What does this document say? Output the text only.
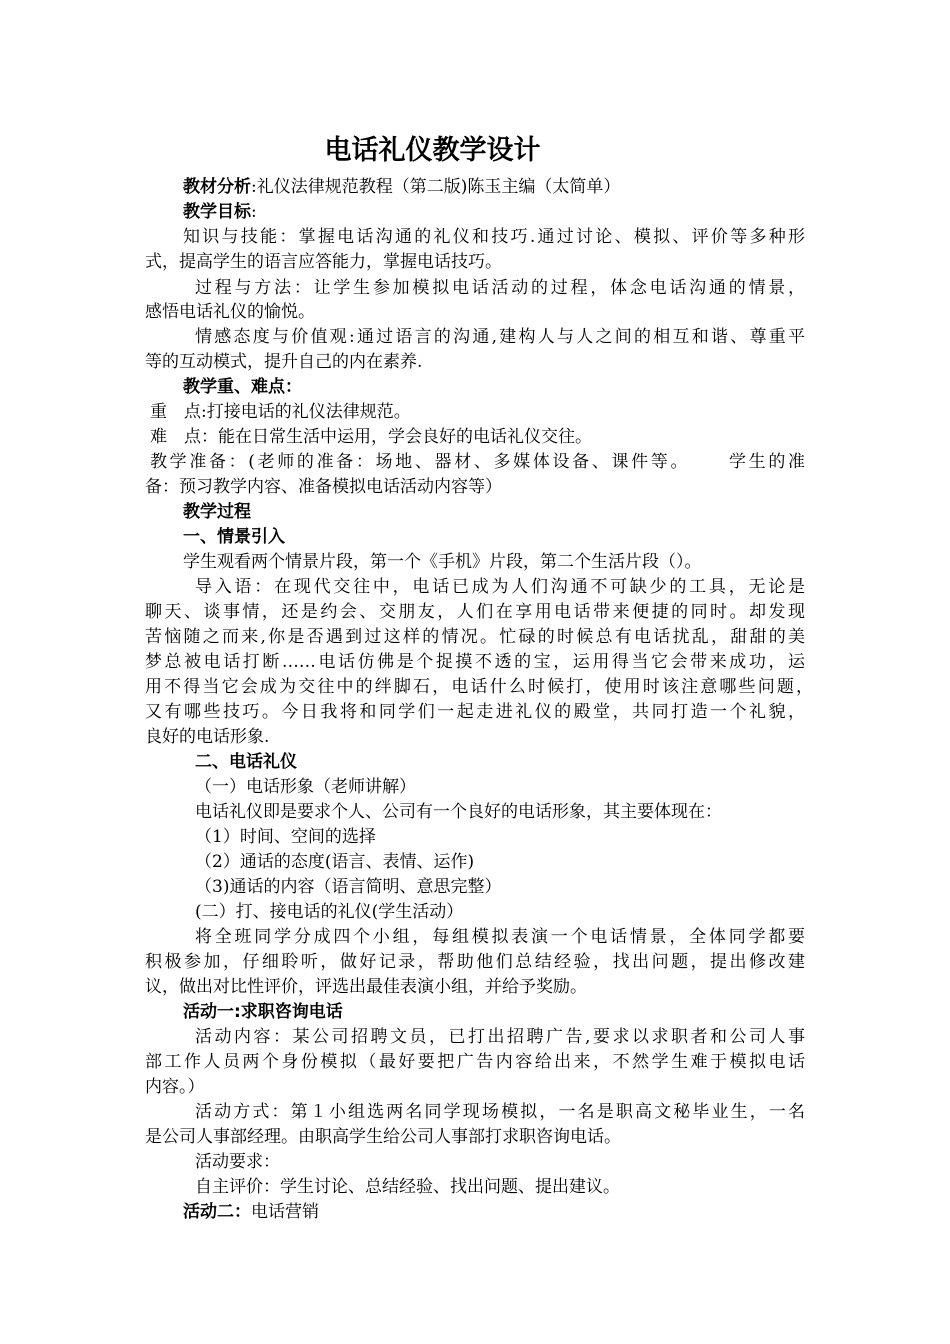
电话礼仪教学设计
教材分析:礼仪法律规范教程（第二版)陈玉主编（太简单）
教学目标:
知识与技能：掌握电话沟通的礼仪和技巧.通过讨论、模拟、评价等多种形
式，提高学生的语言应答能力，掌握电话技巧。
过程与方法：让学生参加模拟电话活动的过程，体念电话沟通的情景，
感悟电话礼仪的愉悦。
情感态度与价值观:通过语言的沟通,建构人与人之间的相互和谐、尊重平
等的互动模式，提升自己的内在素养.
教学重、难点：
重　点:打接电话的礼仪法律规范。
难　点：能在日常生活中运用，学会良好的电话礼仪交往。
教学准备：(老师的准备：场地、器材、多媒体设备、课件等。　　 学生的准
备：预习教学内容、准备模拟电话活动内容等）
教学过程
一、情景引入
学生观看两个情景片段，第一个《手机》片段，第二个生活片段（）。
导入语：在现代交往中，电话已成为人们沟通不可缺少的工具，无论是
聊天、谈事情，还是约会、交朋友，人们在享用电话带来便捷的同时。却发现
苦恼随之而来,你是否遇到过这样的情况。忙碌的时候总有电话扰乱，甜甜的美
梦总被电话打断……电话仿佛是个捉摸不透的宝，运用得当它会带来成功，运
用不得当它会成为交往中的绊脚石，电话什么时候打，使用时该注意哪些问题，
又有哪些技巧。今日我将和同学们一起走进礼仪的殿堂，共同打造一个礼貌，
良好的电话形象.
二、电话礼仪
（一）电话形象（老师讲解）
电话礼仪即是要求个人、公司有一个良好的电话形象，其主要体现在：
（1）时间、空间的选择
（2）通话的态度(语言、表情、运作)
（3)通话的内容（语言简明、意思完整）
(二）打、接电话的礼仪(学生活动）
将全班同学分成四个小组，每组模拟表演一个电话情景，全体同学都要
积极参加，仔细聆听，做好记录，帮助他们总结经验，找出问题，提出修改建
议，做出对比性评价，评选出最佳表演小组，并给予奖励。
活动一:求职咨询电话
活动内容：某公司招聘文员，已打出招聘广告,要求以求职者和公司人事
部工作人员两个身份模拟（最好要把广告内容给出来，不然学生难于模拟电话
内容。）
活动方式：第１小组选两名同学现场模拟，一名是职高文秘毕业生，一名
是公司人事部经理。由职高学生给公司人事部打求职咨询电话。
活动要求：
自主评价：学生讨论、总结经验、找出问题、提出建议。
活动二：电话营销
